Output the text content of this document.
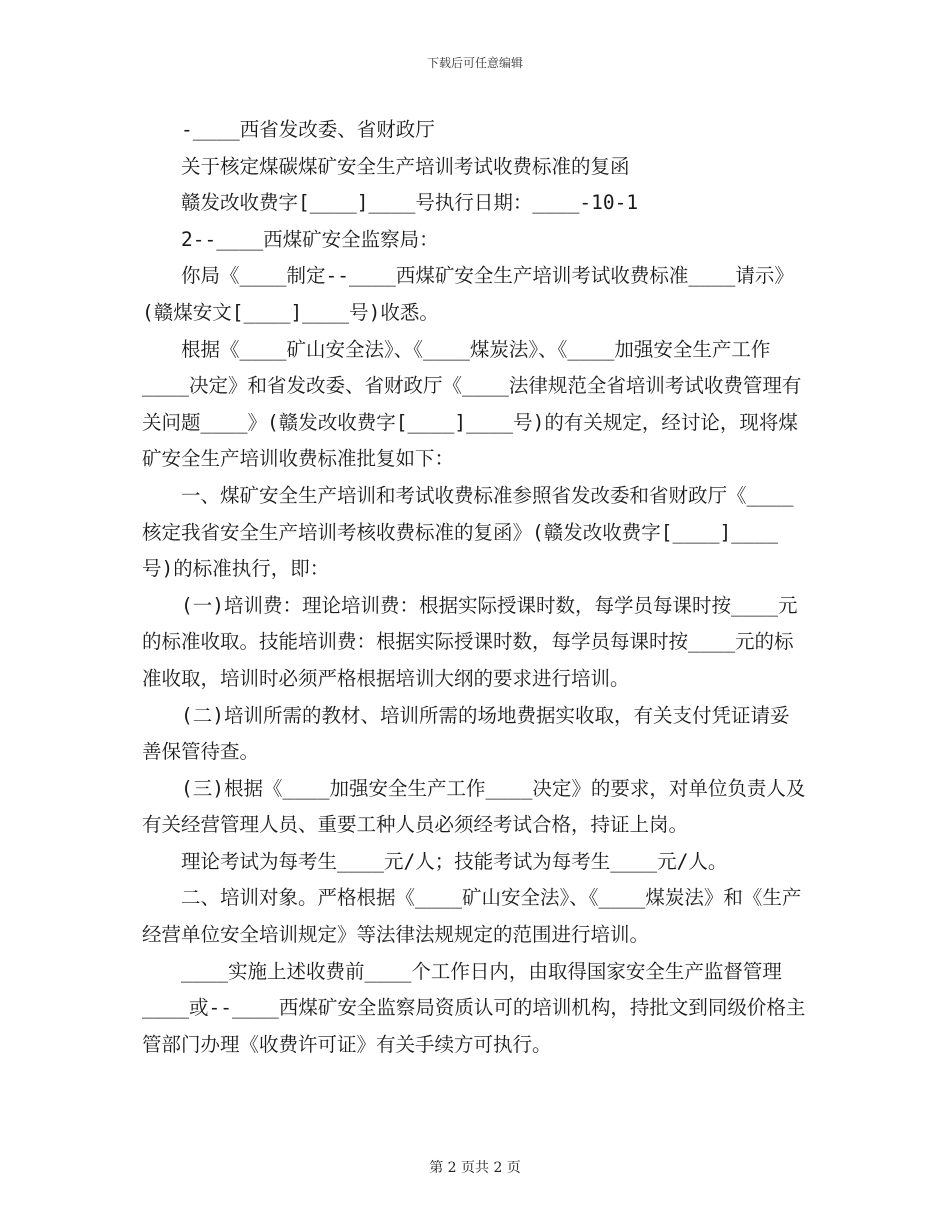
下载后可任意编辑

-____西省发改委、省财政厅

关于核定煤碳煤矿安全生产培训考试收费标准的复函

赣发改收费字[____]____号执行日期：____-10-1

2--____西煤矿安全监察局：

你局《____制定--____西煤矿安全生产培训考试收费标准____请示》(赣煤安文[____]____号)收悉。

根据《____矿山安全法》、《____煤炭法》、《____加强安全生产工作____决定》和省发改委、省财政厅《____法律规范全省培训考试收费管理有关问题____》(赣发改收费字[____]____号)的有关规定，经讨论，现将煤矿安全生产培训收费标准批复如下：

一、煤矿安全生产培训和考试收费标准参照省发改委和省财政厅《____核定我省安全生产培训考核收费标准的复函》(赣发改收费字[____]____号)的标准执行，即：

(一)培训费：理论培训费：根据实际授课时数，每学员每课时按____元的标准收取。技能培训费：根据实际授课时数，每学员每课时按____元的标准收取，培训时必须严格根据培训大纲的要求进行培训。

(二)培训所需的教材、培训所需的场地费据实收取，有关支付凭证请妥善保管待查。

(三)根据《____加强安全生产工作____决定》的要求，对单位负责人及有关经营管理人员、重要工种人员必须经考试合格，持证上岗。

理论考试为每考生____元/人；技能考试为每考生____元/人。

二、培训对象。严格根据《____矿山安全法》、《____煤炭法》和《生产经营单位安全培训规定》等法律法规规定的范围进行培训。

____实施上述收费前____个工作日内，由取得国家安全生产监督管理____或--____西煤矿安全监察局资质认可的培训机构，持批文到同级价格主管部门办理《收费许可证》有关手续方可执行。

第 2 页共 2 页
